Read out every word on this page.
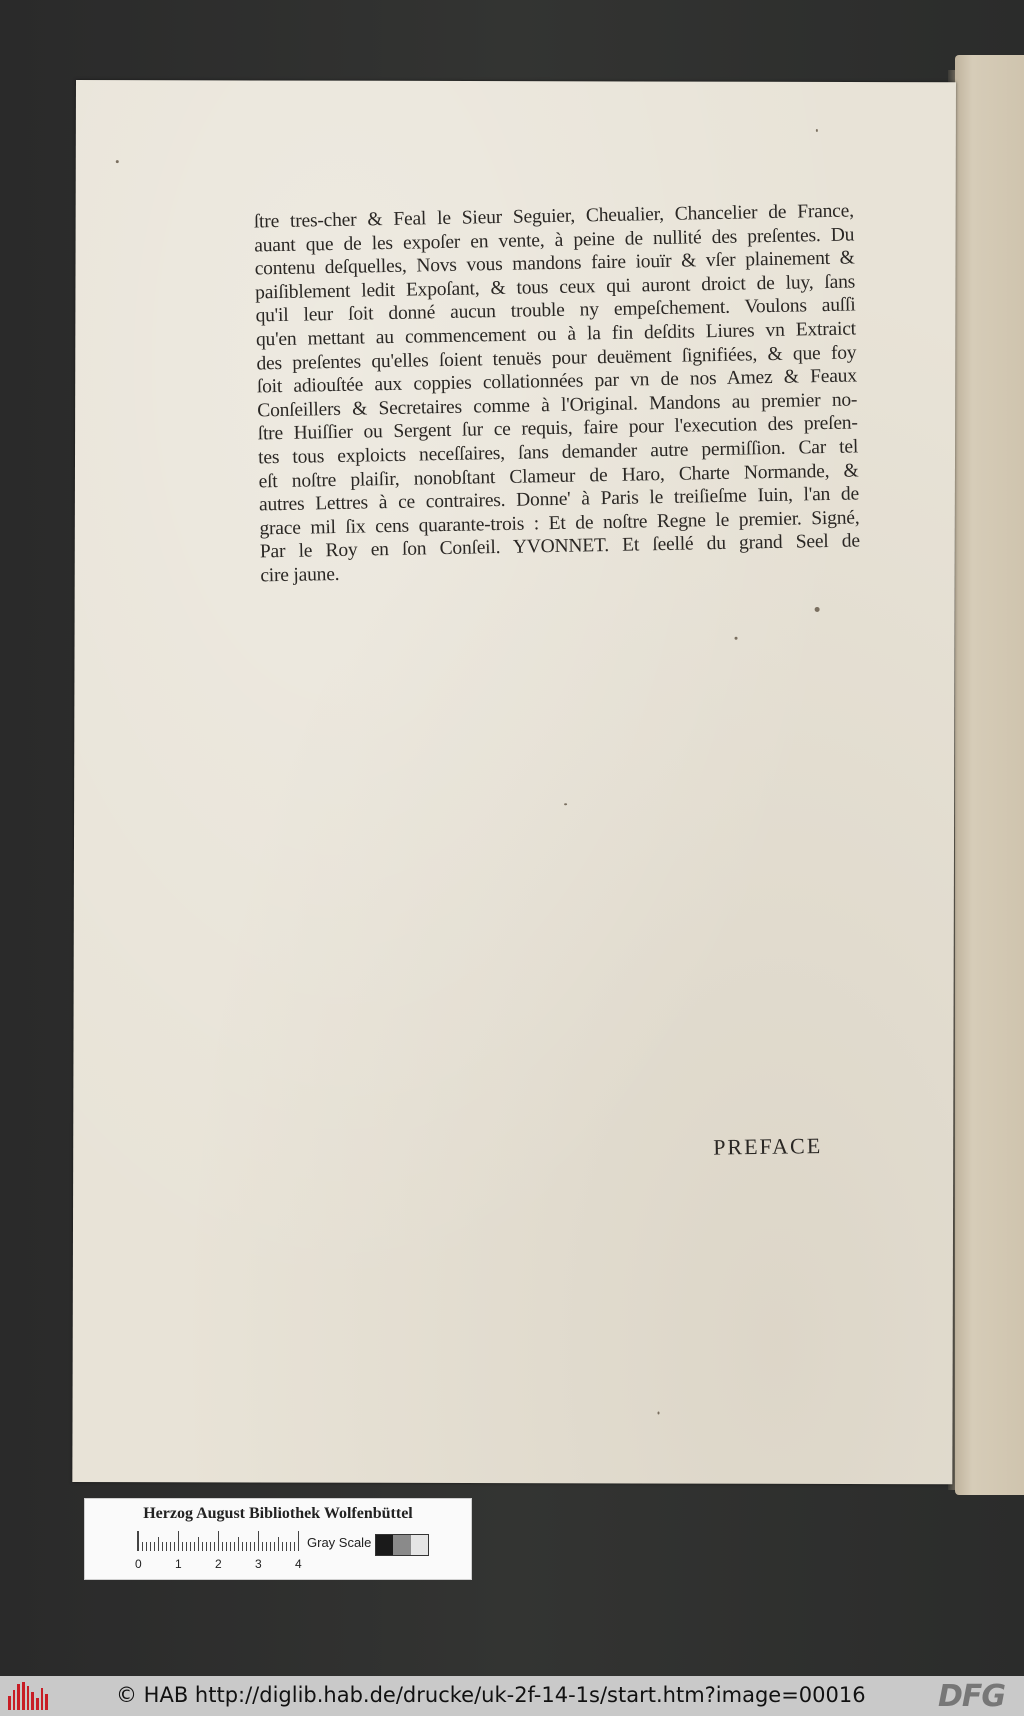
ſtre tres-cher & Feal le Sieur Seguier, Cheualier, Chancelier de France,
auant que de les expoſer en vente, à peine de nullité des preſentes. Du
contenu deſquelles, Novs vous mandons faire iouïr & vſer plainement &
paiſiblement ledit Expoſant, & tous ceux qui auront droict de luy, ſans
qu'il leur ſoit donné aucun trouble ny empeſchement. Voulons auſſi
qu'en mettant au commencement ou à la fin deſdits Liures vn Extraict
des preſentes qu'elles ſoient tenuës pour deuëment ſignifiées, & que foy
ſoit adiouſtée aux coppies collationnées par vn de nos Amez & Feaux
Conſeillers & Secretaires comme à l'Original. Mandons au premier no-
ſtre Huiſſier ou Sergent ſur ce requis, faire pour l'execution des preſen-
tes tous exploicts neceſſaires, ſans demander autre permiſſion. Car tel
eſt noſtre plaiſir, nonobſtant Clameur de Haro, Charte Normande, &
autres Lettres à ce contraires. Donne' à Paris le treiſieſme Iuin, l'an de
grace mil ſix cens quarante-trois : Et de noſtre Regne le premier. Signé,
Par le Roy en ſon Conſeil. YVONNET. Et ſeellé du grand Seel de
cire jaune.
PREFACE
Herzog August Bibliothek Wolfenbüttel
0	1	2	3	4
Gray Scale
© HAB http://diglib.hab.de/drucke/uk-2f-14-1s/start.htm?image=00016 DFG
